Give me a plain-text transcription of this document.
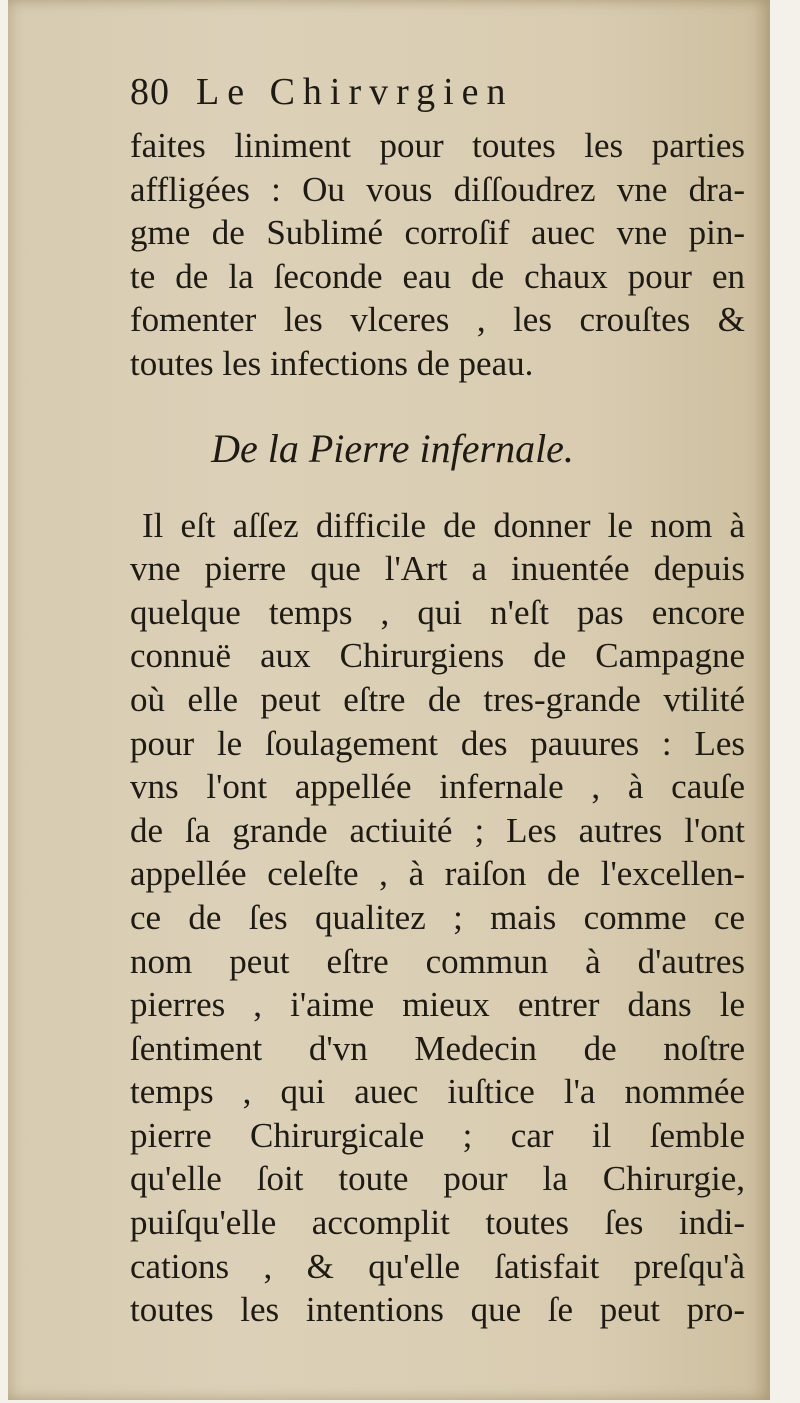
80 Le Chirvrgien
faites liniment pour toutes les parties
affligées : Ou vous diſſoudrez vne dra-
gme de Sublimé corroſif auec vne pin-
te de la ſeconde eau de chaux pour en
fomenter les vlceres , les crouſtes &
toutes les infections de peau.
De la Pierre infernale.
Il eſt aſſez difficile de donner le nom à
vne pierre que l'Art a inuentée depuis
quelque temps , qui n'eſt pas encore
connuë aux Chirurgiens de Campagne
où elle peut eſtre de tres-grande vtilité
pour le ſoulagement des pauures : Les
vns l'ont appellée infernale , à cauſe
de ſa grande actiuité ; Les autres l'ont
appellée celeſte , à raiſon de l'excellen-
ce de ſes qualitez ; mais comme ce
nom peut eſtre commun à d'autres
pierres , i'aime mieux entrer dans le
ſentiment d'vn Medecin de noſtre
temps , qui auec iuſtice l'a nommée
pierre Chirurgicale ; car il ſemble
qu'elle ſoit toute pour la Chirurgie,
puiſqu'elle accomplit toutes ſes indi-
cations , & qu'elle ſatisfait preſqu'à
toutes les intentions que ſe peut pro-
